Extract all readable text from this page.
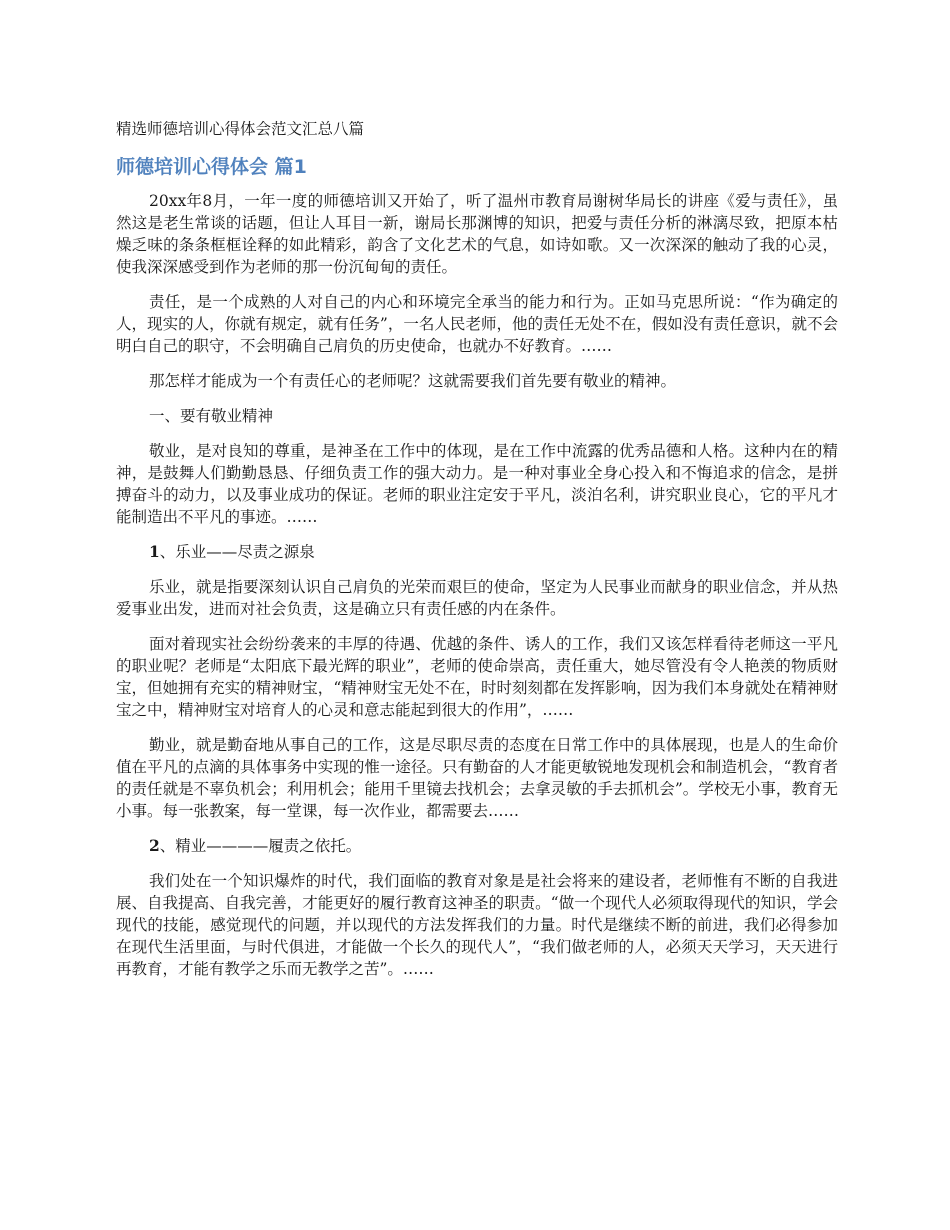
精选师德培训心得体会范文汇总八篇
师德培训心得体会 篇1

20xx年8月，一年一度的师德培训又开始了，听了温州市教育局谢树华局长的讲座《爱与责任》，虽然这是老生常谈的话题，但让人耳目一新，谢局长那渊博的知识，把爱与责任分析的淋漓尽致，把原本枯燥乏味的条条框框诠释的如此精彩，韵含了文化艺术的气息，如诗如歌。又一次深深的触动了我的心灵，使我深深感受到作为老师的那一份沉甸甸的责任。

责任，是一个成熟的人对自己的内心和环境完全承当的能力和行为。正如马克思所说：“作为确定的人，现实的人，你就有规定，就有任务”，一名人民老师，他的责任无处不在，假如没有责任意识，就不会明白自己的职守，不会明确自己肩负的历史使命，也就办不好教育。……

那怎样才能成为一个有责任心的老师呢？这就需要我们首先要有敬业的精神。

一、要有敬业精神

敬业，是对良知的尊重，是神圣在工作中的体现，是在工作中流露的优秀品德和人格。这种内在的精神，是鼓舞人们勤勤恳恳、仔细负责工作的强大动力。是一种对事业全身心投入和不悔追求的信念，是拼搏奋斗的动力，以及事业成功的保证。老师的职业注定安于平凡，淡泊名利，讲究职业良心，它的平凡才能制造出不平凡的事迹。……

1、乐业——尽责之源泉

乐业，就是指要深刻认识自己肩负的光荣而艰巨的使命，坚定为人民事业而献身的职业信念，并从热爱事业出发，进而对社会负责，这是确立只有责任感的内在条件。

面对着现实社会纷纷袭来的丰厚的待遇、优越的条件、诱人的工作，我们又该怎样看待老师这一平凡的职业呢？老师是“太阳底下最光辉的职业”，老师的使命崇高，责任重大，她尽管没有令人艳羡的物质财宝，但她拥有充实的精神财宝，“精神财宝无处不在，时时刻刻都在发挥影响，因为我们本身就处在精神财宝之中，精神财宝对培育人的心灵和意志能起到很大的作用”，……

勤业，就是勤奋地从事自己的工作，这是尽职尽责的态度在日常工作中的具体展现，也是人的生命价值在平凡的点滴的具体事务中实现的惟一途径。只有勤奋的人才能更敏锐地发现机会和制造机会，“教育者的责任就是不辜负机会；利用机会；能用千里镜去找机会；去拿灵敏的手去抓机会”。学校无小事，教育无小事。每一张教案，每一堂课，每一次作业，都需要去……

2、精业————履责之依托。

我们处在一个知识爆炸的时代，我们面临的教育对象是是社会将来的建设者，老师惟有不断的自我进展、自我提高、自我完善，才能更好的履行教育这神圣的职责。“做一个现代人必须取得现代的知识，学会现代的技能，感觉现代的问题，并以现代的方法发挥我们的力量。时代是继续不断的前进，我们必得参加在现代生活里面，与时代俱进，才能做一个长久的现代人”，“我们做老师的人，必须天天学习，天天进行再教育，才能有教学之乐而无教学之苦”。……
